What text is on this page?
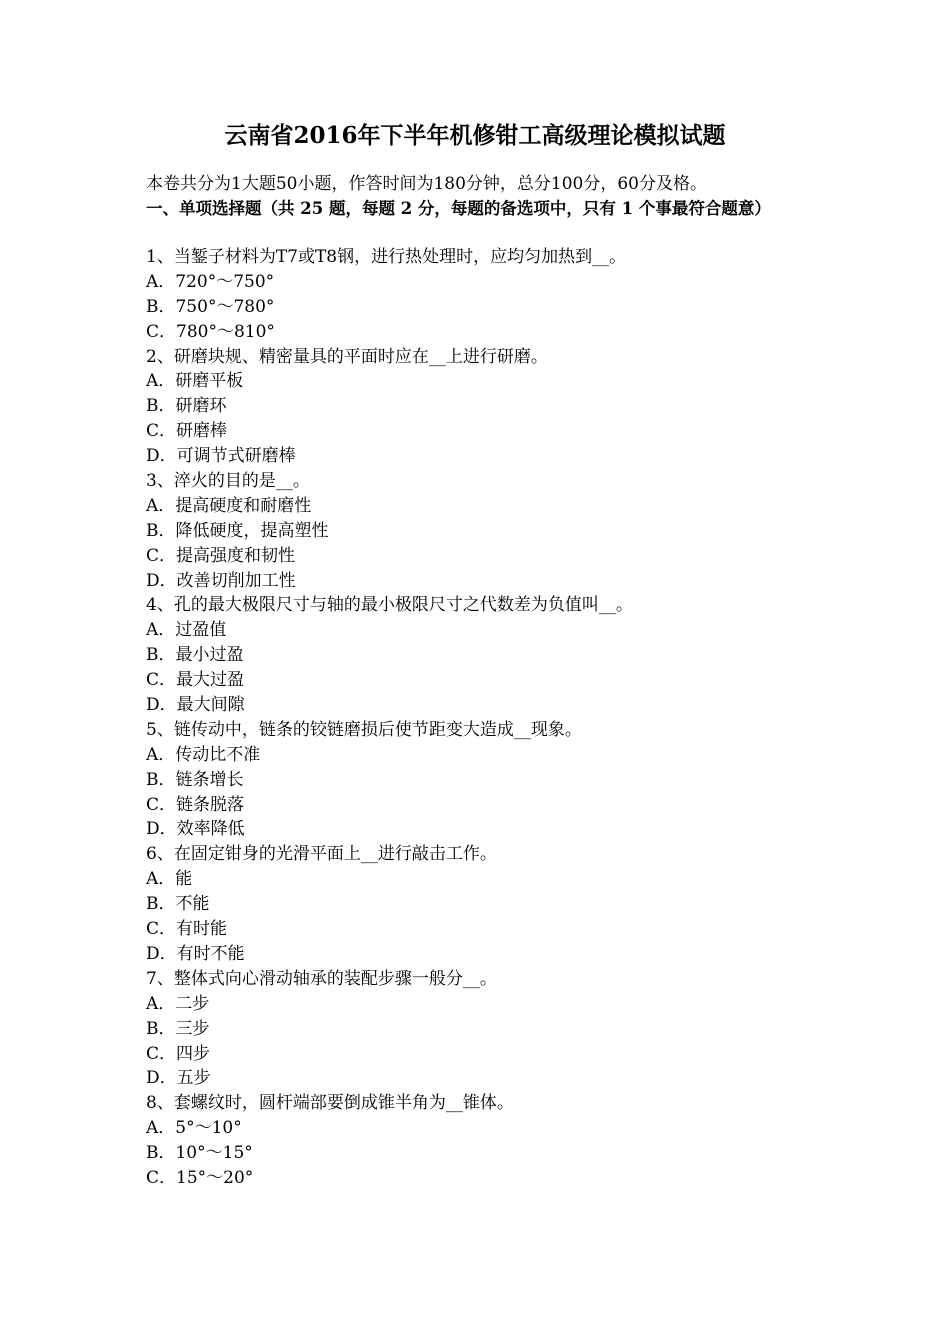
云南省2016年下半年机修钳工高级理论模拟试题
本卷共分为1大题50小题，作答时间为180分钟，总分100分，60分及格。
一、单项选择题（共 25 题，每题 2 分，每题的备选项中，只有 1 个事最符合题意）
1、当錾子材料为T7或T8钢，进行热处理时，应均匀加热到__。
A．720°～750°
B．750°～780°
C．780°～810°
2、研磨块规、精密量具的平面时应在__上进行研磨。
A．研磨平板
B．研磨环
C．研磨棒
D．可调节式研磨棒
3、淬火的目的是__。
A．提高硬度和耐磨性
B．降低硬度，提高塑性
C．提高强度和韧性
D．改善切削加工性
4、孔的最大极限尺寸与轴的最小极限尺寸之代数差为负值叫__。
A．过盈值
B．最小过盈
C．最大过盈
D．最大间隙
5、链传动中，链条的铰链磨损后使节距变大造成__现象。
A．传动比不准
B．链条增长
C．链条脱落
D．效率降低
6、在固定钳身的光滑平面上__进行敲击工作。
A．能
B．不能
C．有时能
D．有时不能
7、整体式向心滑动轴承的装配步骤一般分__。
A．二步
B．三步
C．四步
D．五步
8、套螺纹时，圆杆端部要倒成锥半角为__锥体。
A．5°～10°
B．10°～15°
C．15°～20°
